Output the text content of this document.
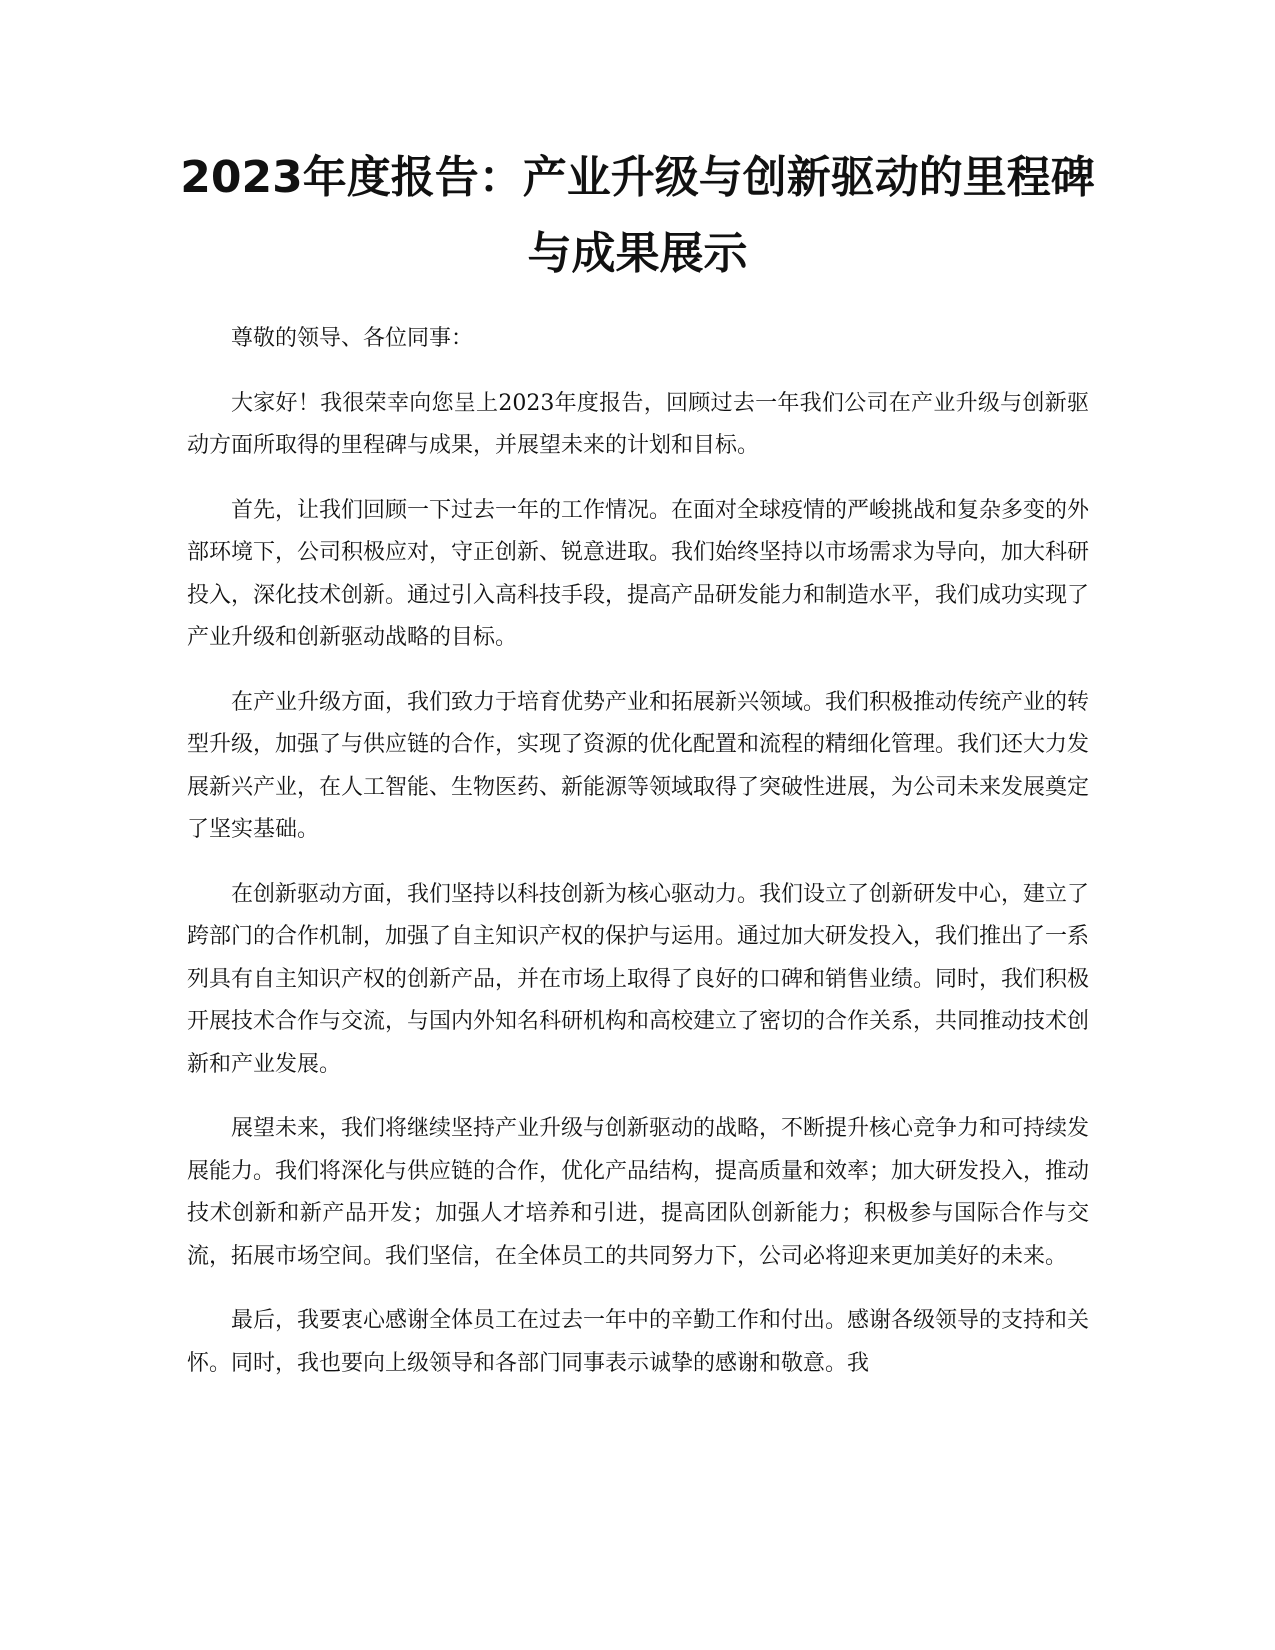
2023年度报告：产业升级与创新驱动的里程碑与成果展示

尊敬的领导、各位同事：

大家好！我很荣幸向您呈上2023年度报告，回顾过去一年我们公司在产业升级与创新驱动方面所取得的里程碑与成果，并展望未来的计划和目标。

首先，让我们回顾一下过去一年的工作情况。在面对全球疫情的严峻挑战和复杂多变的外部环境下，公司积极应对，守正创新、锐意进取。我们始终坚持以市场需求为导向，加大科研投入，深化技术创新。通过引入高科技手段，提高产品研发能力和制造水平，我们成功实现了产业升级和创新驱动战略的目标。

在产业升级方面，我们致力于培育优势产业和拓展新兴领域。我们积极推动传统产业的转型升级，加强了与供应链的合作，实现了资源的优化配置和流程的精细化管理。我们还大力发展新兴产业，在人工智能、生物医药、新能源等领域取得了突破性进展，为公司未来发展奠定了坚实基础。

在创新驱动方面，我们坚持以科技创新为核心驱动力。我们设立了创新研发中心，建立了跨部门的合作机制，加强了自主知识产权的保护与运用。通过加大研发投入，我们推出了一系列具有自主知识产权的创新产品，并在市场上取得了良好的口碑和销售业绩。同时，我们积极开展技术合作与交流，与国内外知名科研机构和高校建立了密切的合作关系，共同推动技术创新和产业发展。

展望未来，我们将继续坚持产业升级与创新驱动的战略，不断提升核心竞争力和可持续发展能力。我们将深化与供应链的合作，优化产品结构，提高质量和效率；加大研发投入，推动技术创新和新产品开发；加强人才培养和引进，提高团队创新能力；积极参与国际合作与交流，拓展市场空间。我们坚信，在全体员工的共同努力下，公司必将迎来更加美好的未来。

最后，我要衷心感谢全体员工在过去一年中的辛勤工作和付出。感谢各级领导的支持和关怀。同时，我也要向上级领导和各部门同事表示诚挚的感谢和敬意。我
